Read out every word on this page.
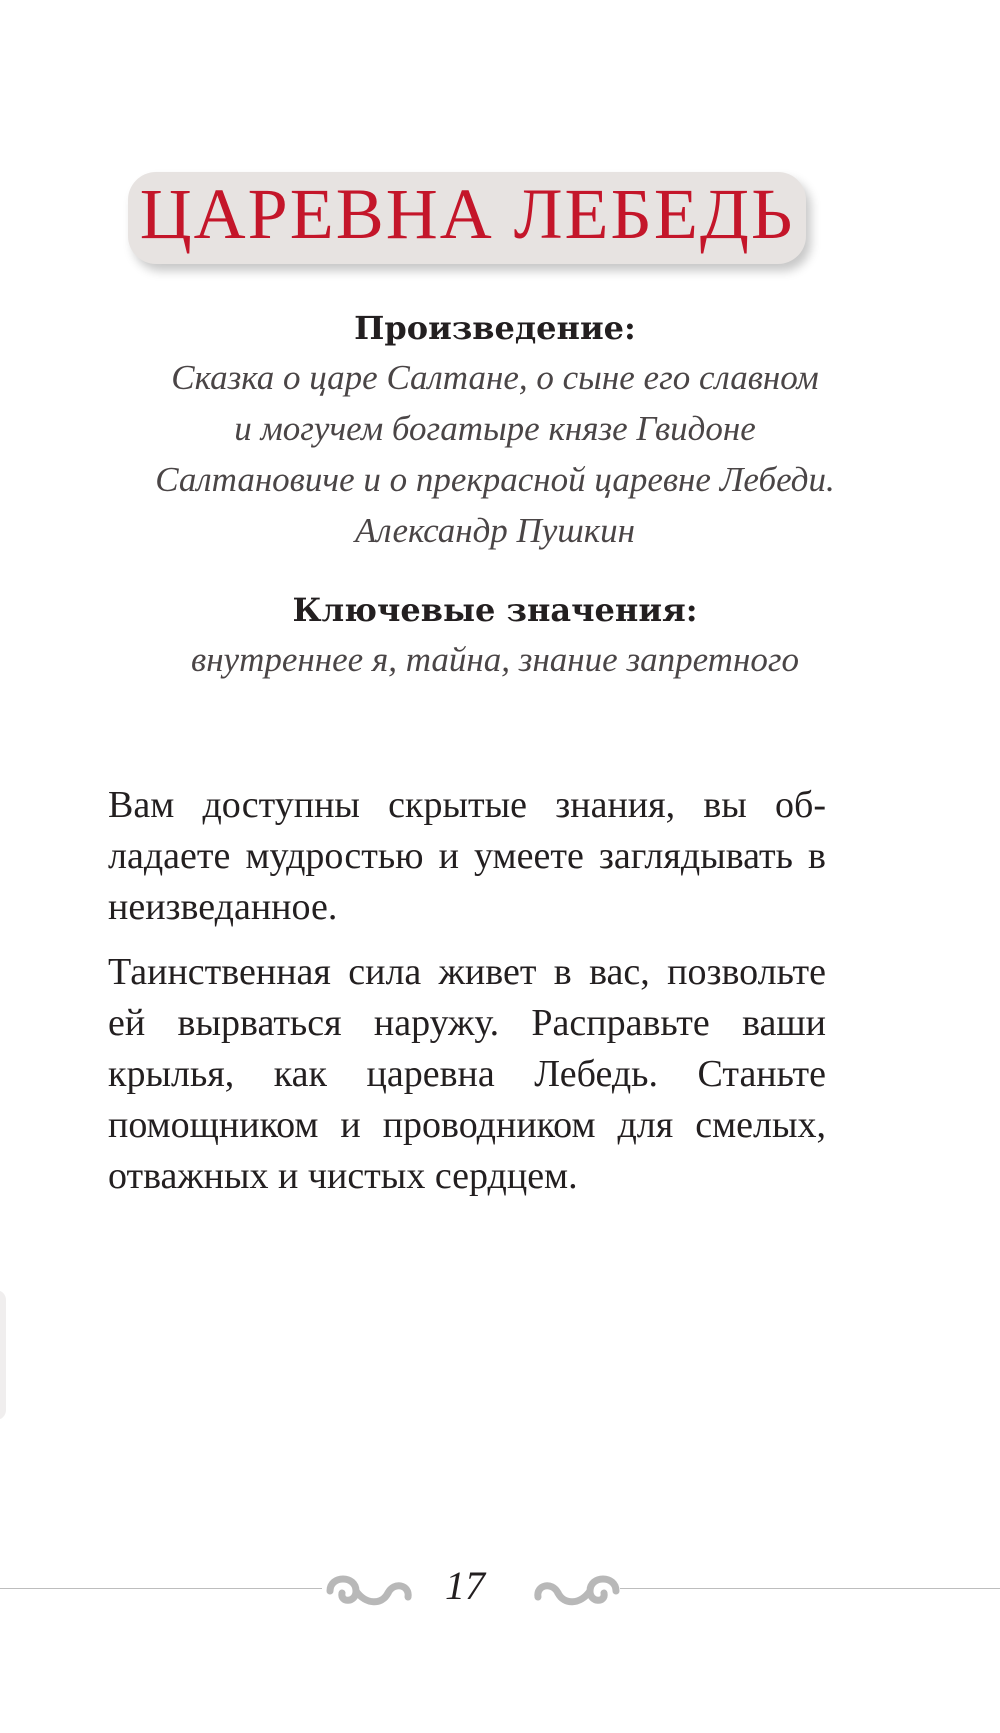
ЦАРЕВНА ЛЕБЕДЬ
Произведение:
Сказка о царе Салтане, о сыне его славном
и могучем богатыре князе Гвидоне
Салтановиче и о прекрасной царевне Лебеди.
Александр Пушкин
Ключевые значения:
внутреннее я, тайна, знание запретного

Вам доступны скрытые знания, вы обладаете мудростью и умеете заглядывать в неизведанное.

Таинственная сила живет в вас, позвольте ей вырваться наружу. Расправьте ваши крылья, как царевна Лебедь. Станьте помощником и проводником для смелых, отважных и чистых сердцем.

17
